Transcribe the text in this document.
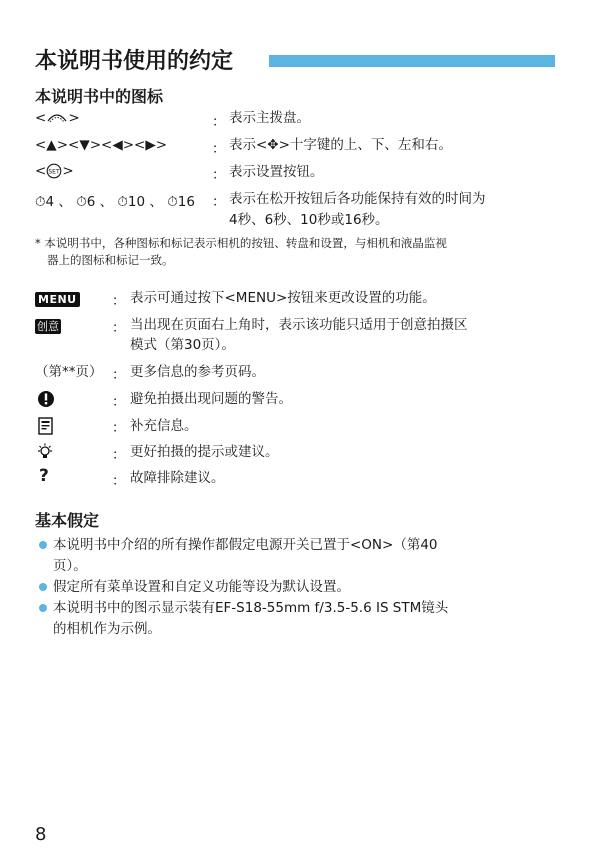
本说明书使用的约定
本说明书中的图标
< >	： 表示主拨盘。
<▲><▼><◀><▶>	： 表示<✥>十字键的上、下、左和右。
< SET >	： 表示设置按钮。
⏱4 、 ⏱6 、 ⏱10 、 ⏱16 ： 表示在松开按钮后各功能保持有效的时间为
4秒、6秒、10秒或16秒。
* 本说明书中，各种图标和标记表示相机的按钮、转盘和设置，与相机和液晶监视
器上的图标和标记一致。
MENU	： 表示可通过按下<MENU>按钮来更改设置的功能。
创意	： 当出现在页面右上角时，表示该功能只适用于创意拍摄区
模式（第30页）。
（第**页） ： 更多信息的参考页码。
： 避免拍摄出现问题的警告。
： 补充信息。
： 更好拍摄的提示或建议。
?	： 故障排除建议。
基本假定
本说明书中介绍的所有操作都假定电源开关已置于<ON>（第40
页）。
假定所有菜单设置和自定义功能等设为默认设置。
本说明书中的图示显示装有EF-S18-55mm f/3.5-5.6 IS STM镜头
的相机作为示例。
8
